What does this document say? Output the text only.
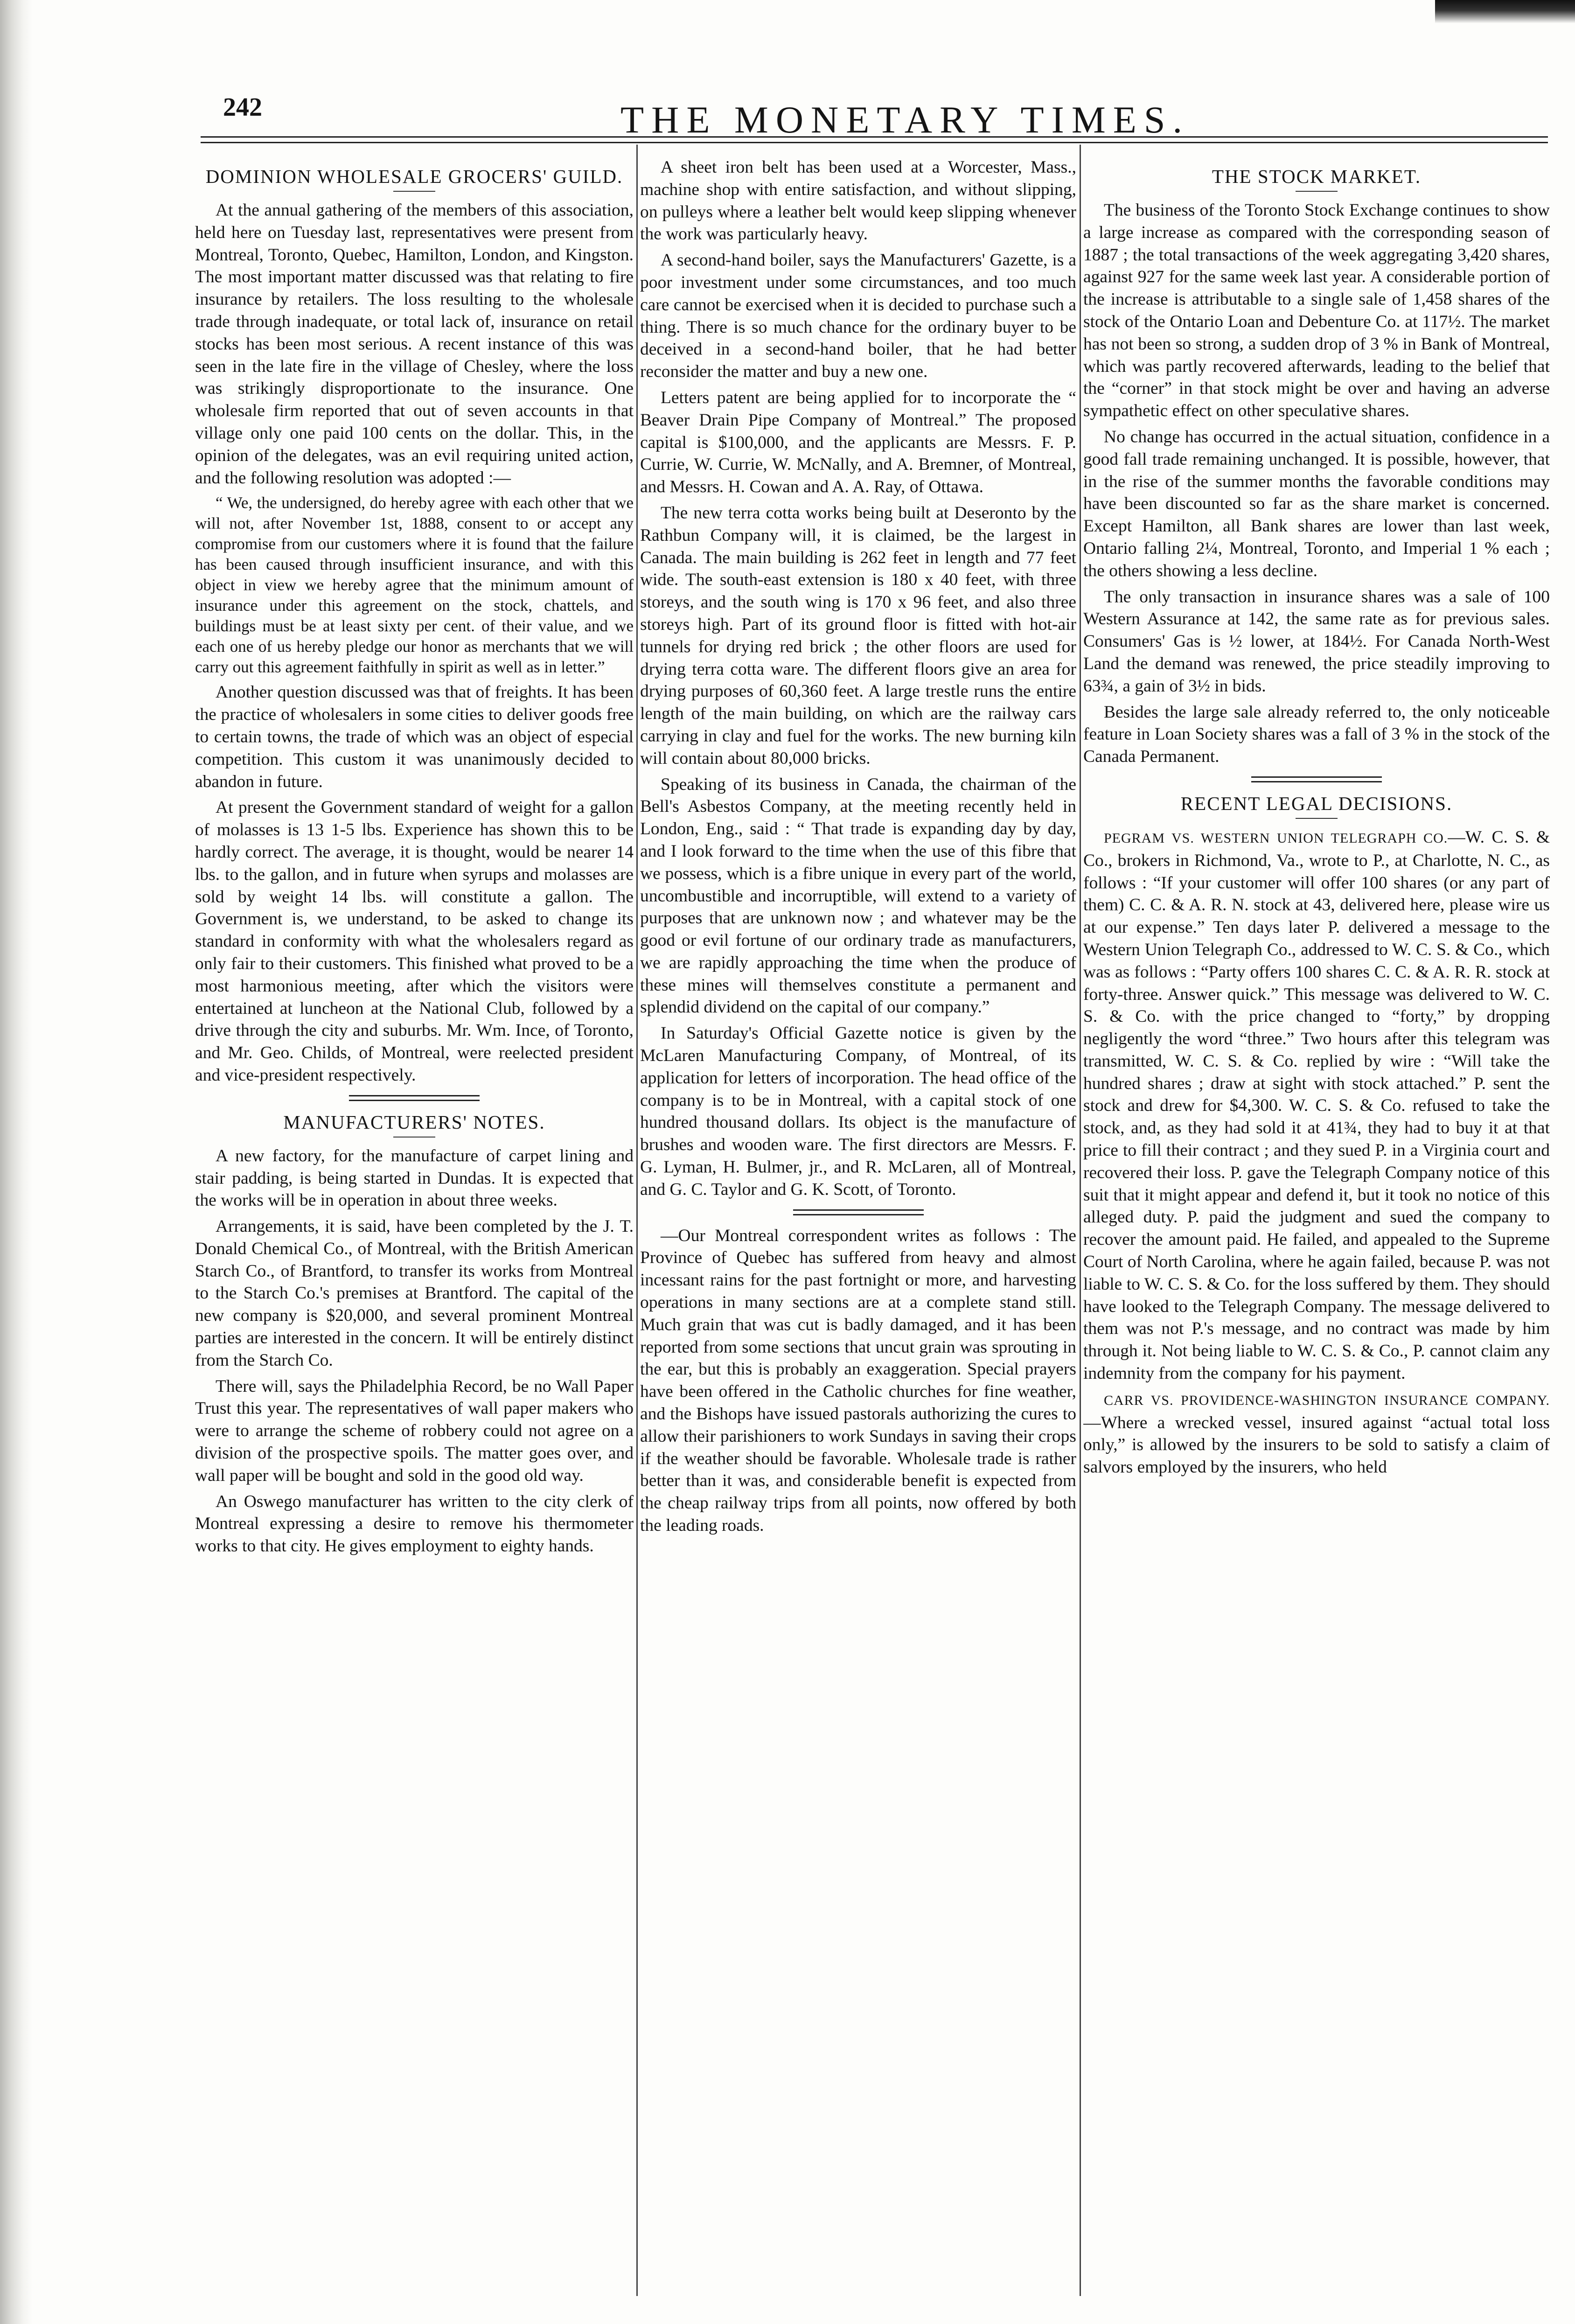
242	THE MONETARY TIMES.
DOMINION WHOLESALE GROCERS' GUILD.

At the annual gathering of the members of this association, held here on Tuesday last, representatives were present from Montreal, Toronto, Quebec, Hamilton, London, and Kingston. The most important matter discussed was that relating to fire insurance by retailers. The loss resulting to the wholesale trade through inadequate, or total lack of, insurance on retail stocks has been most serious. A recent instance of this was seen in the late fire in the village of Chesley, where the loss was strikingly disproportionate to the insurance. One wholesale firm reported that out of seven accounts in that village only one paid 100 cents on the dollar. This, in the opinion of the delegates, was an evil requiring united action, and the following resolution was adopted :—

“ We, the undersigned, do hereby agree with each other that we will not, after November 1st, 1888, consent to or accept any compromise from our customers where it is found that the failure has been caused through insufficient insurance, and with this object in view we hereby agree that the minimum amount of insurance under this agreement on the stock, chattels, and buildings must be at least sixty per cent. of their value, and we each one of us hereby pledge our honor as merchants that we will carry out this agreement faithfully in spirit as well as in letter.”

Another question discussed was that of freights. It has been the practice of wholesalers in some cities to deliver goods free to certain towns, the trade of which was an object of especial competition. This custom it was unanimously decided to abandon in future.

At present the Government standard of weight for a gallon of molasses is 13 1-5 lbs. Experience has shown this to be hardly correct. The average, it is thought, would be nearer 14 lbs. to the gallon, and in future when syrups and molasses are sold by weight 14 lbs. will constitute a gallon. The Government is, we understand, to be asked to change its standard in conformity with what the wholesalers regard as only fair to their customers. This finished what proved to be a most harmonious meeting, after which the visitors were entertained at luncheon at the National Club, followed by a drive through the city and suburbs. Mr. Wm. Ince, of Toronto, and Mr. Geo. Childs, of Montreal, were reelected president and vice-president respectively.

MANUFACTURERS' NOTES.

A new factory, for the manufacture of carpet lining and stair padding, is being started in Dundas. It is expected that the works will be in operation in about three weeks.

Arrangements, it is said, have been completed by the J. T. Donald Chemical Co., of Montreal, with the British American Starch Co., of Brantford, to transfer its works from Montreal to the Starch Co.'s premises at Brantford. The capital of the new company is $20,000, and several prominent Montreal parties are interested in the concern. It will be entirely distinct from the Starch Co.

There will, says the Philadelphia Record, be no Wall Paper Trust this year. The representatives of wall paper makers who were to arrange the scheme of robbery could not agree on a division of the prospective spoils. The matter goes over, and wall paper will be bought and sold in the good old way.

An Oswego manufacturer has written to the city clerk of Montreal expressing a desire to remove his thermometer works to that city. He gives employment to eighty hands.

A sheet iron belt has been used at a Worcester, Mass., machine shop with entire satisfaction, and without slipping, on pulleys where a leather belt would keep slipping whenever the work was particularly heavy.

A second-hand boiler, says the Manufacturers' Gazette, is a poor investment under some circumstances, and too much care cannot be exercised when it is decided to purchase such a thing. There is so much chance for the ordinary buyer to be deceived in a second-hand boiler, that he had better reconsider the matter and buy a new one.

Letters patent are being applied for to incorporate the “ Beaver Drain Pipe Company of Montreal.” The proposed capital is $100,000, and the applicants are Messrs. F. P. Currie, W. Currie, W. McNally, and A. Bremner, of Montreal, and Messrs. H. Cowan and A. A. Ray, of Ottawa.

The new terra cotta works being built at Deseronto by the Rathbun Company will, it is claimed, be the largest in Canada. The main building is 262 feet in length and 77 feet wide. The south-east extension is 180 x 40 feet, with three storeys, and the south wing is 170 x 96 feet, and also three storeys high. Part of its ground floor is fitted with hot-air tunnels for drying red brick ; the other floors are used for drying terra cotta ware. The different floors give an area for drying purposes of 60,360 feet. A large trestle runs the entire length of the main building, on which are the railway cars carrying in clay and fuel for the works. The new burning kiln will contain about 80,000 bricks.

Speaking of its business in Canada, the chairman of the Bell's Asbestos Company, at the meeting recently held in London, Eng., said : “ That trade is expanding day by day, and I look forward to the time when the use of this fibre that we possess, which is a fibre unique in every part of the world, uncombustible and incorruptible, will extend to a variety of purposes that are unknown now ; and whatever may be the good or evil fortune of our ordinary trade as manufacturers, we are rapidly approaching the time when the produce of these mines will themselves constitute a permanent and splendid dividend on the capital of our company.”

In Saturday's Official Gazette notice is given by the McLaren Manufacturing Company, of Montreal, of its application for letters of incorporation. The head office of the company is to be in Montreal, with a capital stock of one hundred thousand dollars. Its object is the manufacture of brushes and wooden ware. The first directors are Messrs. F. G. Lyman, H. Bulmer, jr., and R. McLaren, all of Montreal, and G. C. Taylor and G. K. Scott, of Toronto.

—Our Montreal correspondent writes as follows : The Province of Quebec has suffered from heavy and almost incessant rains for the past fortnight or more, and harvesting operations in many sections are at a complete stand still. Much grain that was cut is badly damaged, and it has been reported from some sections that uncut grain was sprouting in the ear, but this is probably an exaggeration. Special prayers have been offered in the Catholic churches for fine weather, and the Bishops have issued pastorals authorizing the cures to allow their parishioners to work Sundays in saving their crops if the weather should be favorable. Wholesale trade is rather better than it was, and considerable benefit is expected from the cheap railway trips from all points, now offered by both the leading roads.

THE STOCK MARKET.

The business of the Toronto Stock Exchange continues to show a large increase as compared with the corresponding season of 1887 ; the total transactions of the week aggregating 3,420 shares, against 927 for the same week last year. A considerable portion of the increase is attributable to a single sale of 1,458 shares of the stock of the Ontario Loan and Debenture Co. at 117½. The market has not been so strong, a sudden drop of 3 % in Bank of Montreal, which was partly recovered afterwards, leading to the belief that the “corner” in that stock might be over and having an adverse sympathetic effect on other speculative shares.

No change has occurred in the actual situation, confidence in a good fall trade remaining unchanged. It is possible, however, that in the rise of the summer months the favorable conditions may have been discounted so far as the share market is concerned. Except Hamilton, all Bank shares are lower than last week, Ontario falling 2¼, Montreal, Toronto, and Imperial 1 % each ; the others showing a less decline.

The only transaction in insurance shares was a sale of 100 Western Assurance at 142, the same rate as for previous sales. Consumers' Gas is ½ lower, at 184½. For Canada North-West Land the demand was renewed, the price steadily improving to 63¾, a gain of 3½ in bids.

Besides the large sale already referred to, the only noticeable feature in Loan Society shares was a fall of 3 % in the stock of the Canada Permanent.

RECENT LEGAL DECISIONS.

PEGRAM VS. WESTERN UNION TELEGRAPH CO.—W. C. S. & Co., brokers in Richmond, Va., wrote to P., at Charlotte, N. C., as follows : “If your customer will offer 100 shares (or any part of them) C. C. & A. R. N. stock at 43, delivered here, please wire us at our expense.” Ten days later P. delivered a message to the Western Union Telegraph Co., addressed to W. C. S. & Co., which was as follows : “Party offers 100 shares C. C. & A. R. R. stock at forty-three. Answer quick.” This message was delivered to W. C. S. & Co. with the price changed to “forty,” by dropping negligently the word “three.” Two hours after this telegram was transmitted, W. C. S. & Co. replied by wire : “Will take the hundred shares ; draw at sight with stock attached.” P. sent the stock and drew for $4,300. W. C. S. & Co. refused to take the stock, and, as they had sold it at 41¾, they had to buy it at that price to fill their contract ; and they sued P. in a Virginia court and recovered their loss. P. gave the Telegraph Company notice of this suit that it might appear and defend it, but it took no notice of this alleged duty. P. paid the judgment and sued the company to recover the amount paid. He failed, and appealed to the Supreme Court of North Carolina, where he again failed, because P. was not liable to W. C. S. & Co. for the loss suffered by them. They should have looked to the Telegraph Company. The message delivered to them was not P.'s message, and no contract was made by him through it. Not being liable to W. C. S. & Co., P. cannot claim any indemnity from the company for his payment.

CARR VS. PROVIDENCE-WASHINGTON INSURANCE COMPANY.—Where a wrecked vessel, insured against “actual total loss only,” is allowed by the insurers to be sold to satisfy a claim of salvors employed by the insurers, who held
